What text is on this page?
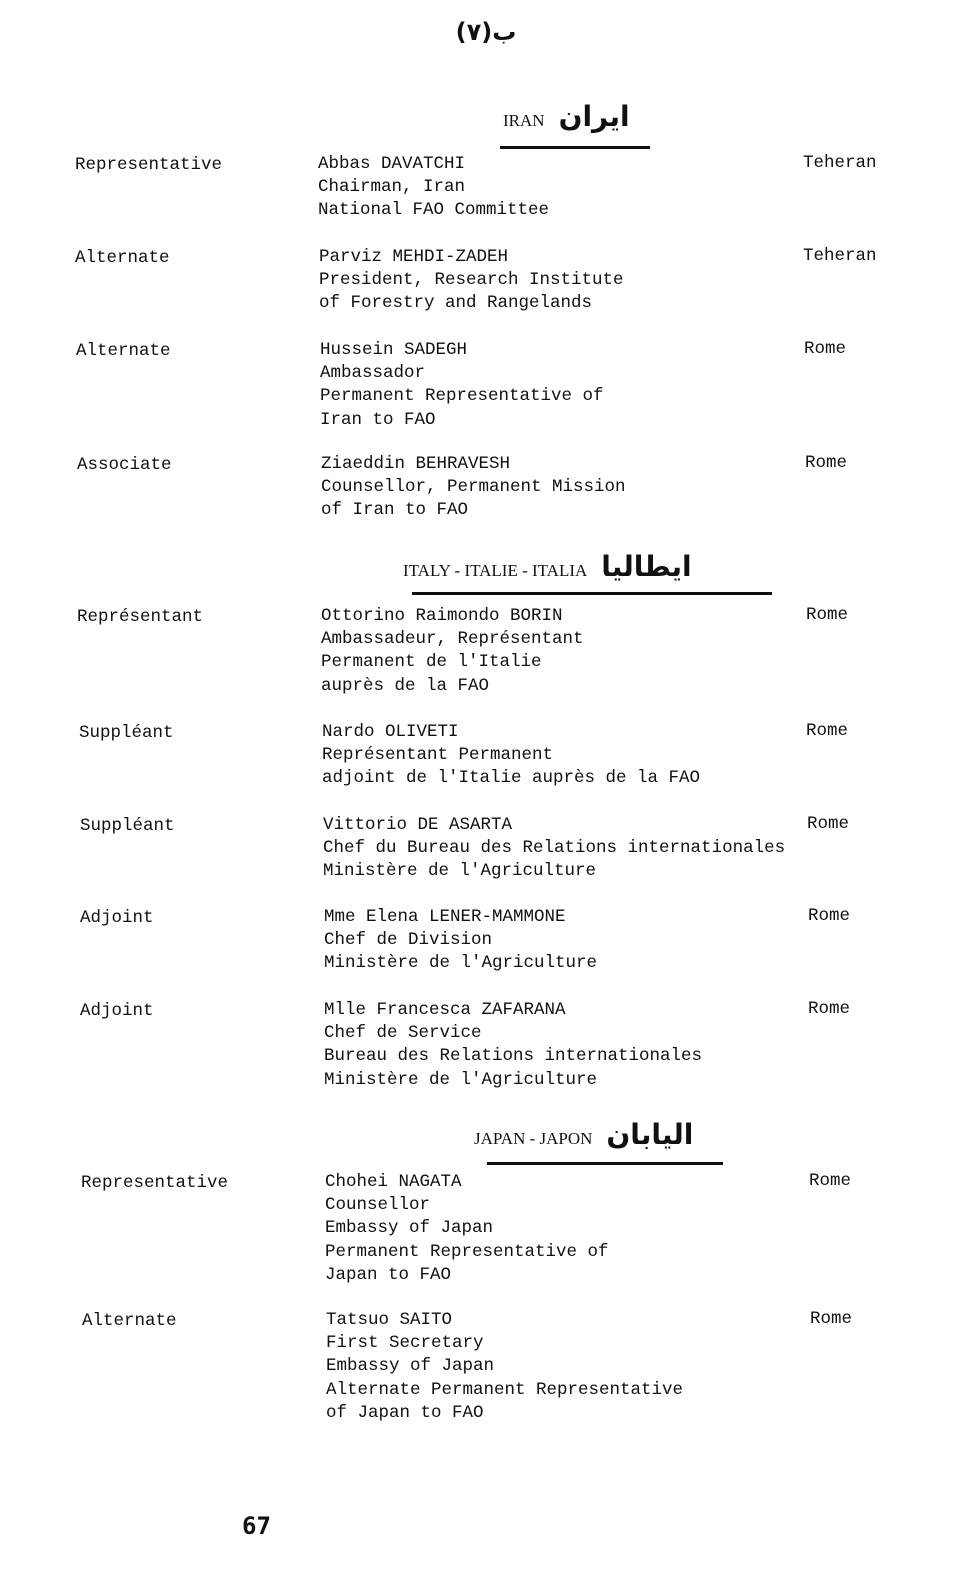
ب(٧)
IRAN ايران
Representative	Abbas DAVATCHI
Chairman, Iran
National FAO Committee
Teheran
Alternate	Parviz MEHDI-ZADEH
President, Research Institute
of Forestry and Rangelands
Teheran
Alternate	Hussein SADEGH
Ambassador
Permanent Representative of
Iran to FAO
Rome
Associate	Ziaeddin BEHRAVESH
Counsellor, Permanent Mission
of Iran to FAO
Rome
ITALY - ITALIE - ITALIA ايطاليا
Représentant	Ottorino Raimondo BORIN
Ambassadeur, Représentant
Permanent de l'Italie
auprès de la FAO
Rome
Suppléant	Nardo OLIVETI
Représentant Permanent
adjoint de l'Italie auprès de la FAO
Rome
Suppléant	Vittorio DE ASARTA
Chef du Bureau des Relations internationales
Ministère de l'Agriculture
Rome
Adjoint	Mme Elena LENER-MAMMONE
Chef de Division
Ministère de l'Agriculture
Rome
Adjoint	Mlle Francesca ZAFARANA
Chef de Service
Bureau des Relations internationales
Ministère de l'Agriculture
Rome
JAPAN - JAPON اليابان
Representative	Chohei NAGATA
Counsellor
Embassy of Japan
Permanent Representative of
Japan to FAO
Rome
Alternate	Tatsuo SAITO
First Secretary
Embassy of Japan
Alternate Permanent Representative
of Japan to FAO
Rome
67
